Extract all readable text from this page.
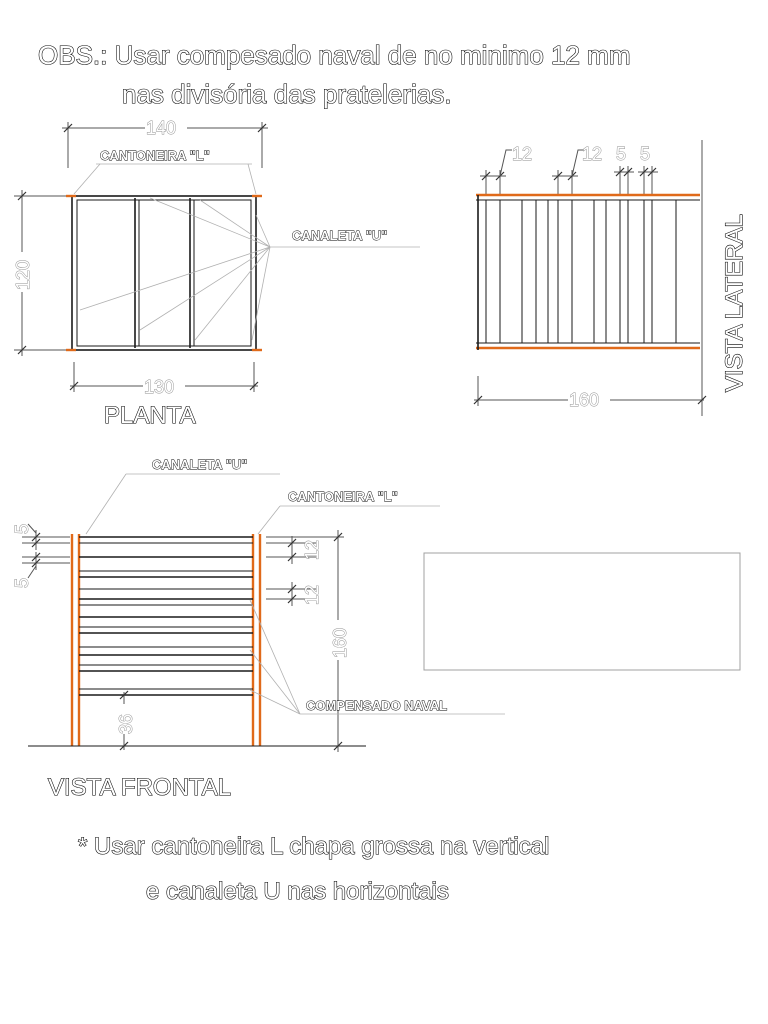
OBS.: Usar compesado naval de no minimo 12 mm
nas divisória das pratelerias.
140
CANTONEIRA "L"
CANALETA "U"
120
130
PLANTA
12	12 5 5
160
VISTA LATERAL
CANALETA "U"
CANTONEIRA "L"
5
5
12
12
160
36
COMPENSADO NAVAL
VISTA FRONTAL
* Usar cantoneira L chapa grossa na vertical
e canaleta U nas horizontais
